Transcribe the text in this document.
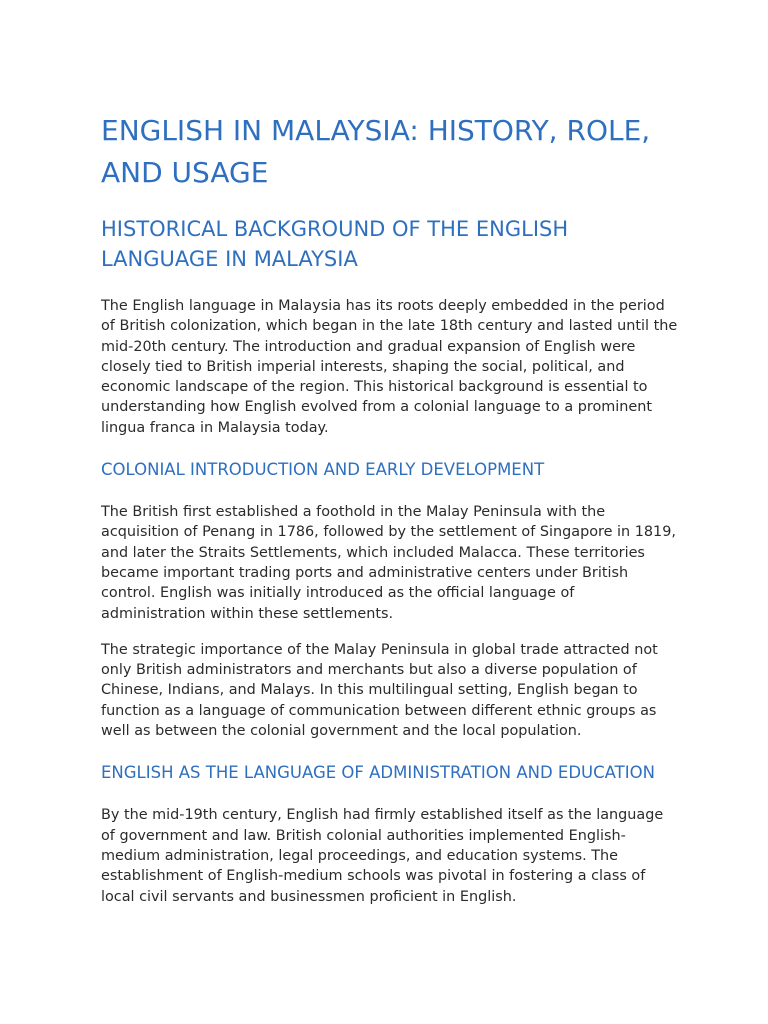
ENGLISH IN MALAYSIA: HISTORY, ROLE, AND USAGE
HISTORICAL BACKGROUND OF THE ENGLISH LANGUAGE IN MALAYSIA

The English language in Malaysia has its roots deeply embedded in the period of British colonization, which began in the late 18th century and lasted until the mid-20th century. The introduction and gradual expansion of English were closely tied to British imperial interests, shaping the social, political, and economic landscape of the region. This historical background is essential to understanding how English evolved from a colonial language to a prominent lingua franca in Malaysia today.

COLONIAL INTRODUCTION AND EARLY DEVELOPMENT

The British first established a foothold in the Malay Peninsula with the acquisition of Penang in 1786, followed by the settlement of Singapore in 1819, and later the Straits Settlements, which included Malacca. These territories became important trading ports and administrative centers under British control. English was initially introduced as the official language of administration within these settlements.

The strategic importance of the Malay Peninsula in global trade attracted not only British administrators and merchants but also a diverse population of Chinese, Indians, and Malays. In this multilingual setting, English began to function as a language of communication between different ethnic groups as well as between the colonial government and the local population.

ENGLISH AS THE LANGUAGE OF ADMINISTRATION AND EDUCATION

By the mid-19th century, English had firmly established itself as the language of government and law. British colonial authorities implemented English-medium administration, legal proceedings, and education systems. The establishment of English-medium schools was pivotal in fostering a class of local civil servants and businessmen proficient in English.
